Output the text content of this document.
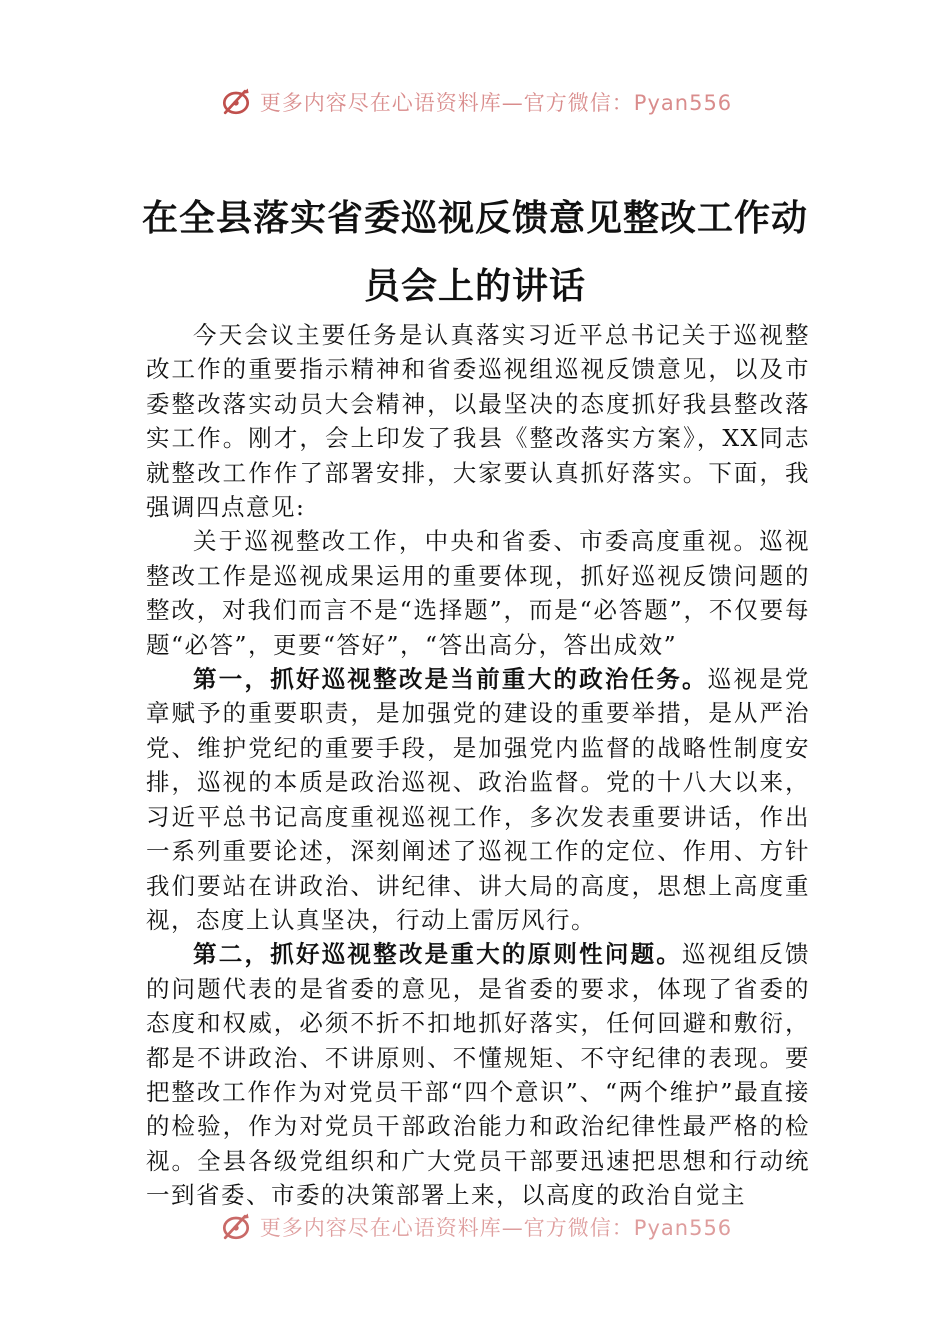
更多内容尽在心语资料库—官方微信：Pyan556
在全县落实省委巡视反馈意见整改工作动
员会上的讲话

今天会议主要任务是认真落实习近平总书记关于巡视整改工作的重要指示精神和省委巡视组巡视反馈意见，以及市委整改落实动员大会精神，以最坚决的态度抓好我县整改落实工作。刚才，会上印发了我县《整改落实方案》，XX同志就整改工作作了部署安排，大家要认真抓好落实。下面，我强调四点意见:

关于巡视整改工作，中央和省委、市委高度重视。巡视整改工作是巡视成果运用的重要体现，抓好巡视反馈问题的整改，对我们而言不是“选择题”，而是“必答题”，不仅要每题“必答”，更要“答好”，“答出高分，答出成效”

第一，抓好巡视整改是当前重大的政治任务。巡视是党章赋予的重要职责，是加强党的建设的重要举措，是从严治党、维护党纪的重要手段，是加强党内监督的战略性制度安排，巡视的本质是政治巡视、政治监督。党的十八大以来，习近平总书记高度重视巡视工作，多次发表重要讲话，作出一系列重要论述，深刻阐述了巡视工作的定位、作用、方针我们要站在讲政治、讲纪律、讲大局的高度，思想上高度重视，态度上认真坚决，行动上雷厉风行。

第二，抓好巡视整改是重大的原则性问题。巡视组反馈的问题代表的是省委的意见，是省委的要求，体现了省委的态度和权威，必须不折不扣地抓好落实，任何回避和敷衍，都是不讲政治、不讲原则、不懂规矩、不守纪律的表现。要把整改工作作为对党员干部“四个意识”、“两个维护”最直接的检验，作为对党员干部政治能力和政治纪律性最严格的检视。全县各级党组织和广大党员干部要迅速把思想和行动统一到省委、市委的决策部署上来，以高度的政治自觉主

更多内容尽在心语资料库—官方微信：Pyan556
